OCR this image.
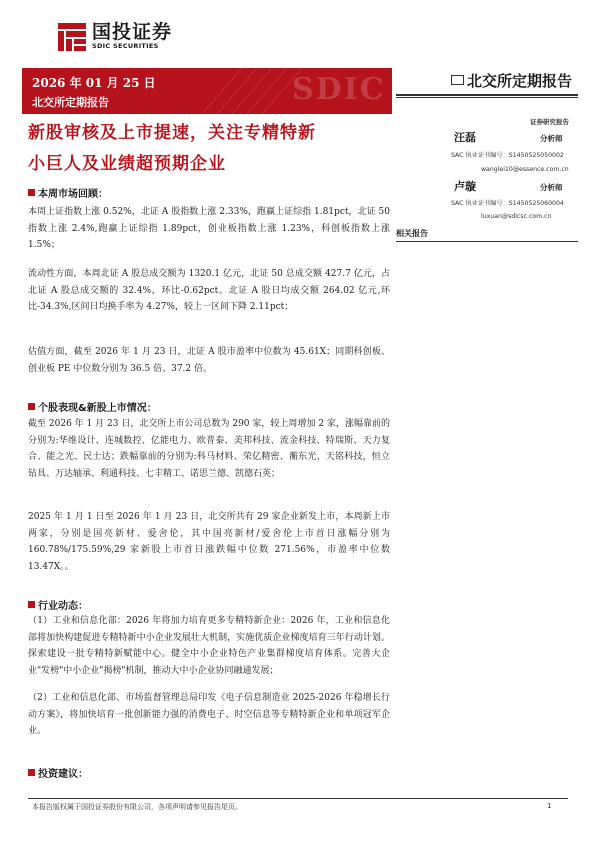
国投证券
SDIC SECURITIES
SDIC
2026 年 01 月 25 日
北交所定期报告
北交所定期报告
新股审核及上市提速，关注专精特新
小巨人及业绩超预期企业
本周市场回顾：
本周上证指数上涨 0.52%，北证 A 股指数上涨 2.33%，跑赢上证综指 1.81pct，北证 50 指数上涨 2.4%,跑赢上证综指 1.89pct，创业板指数上涨 1.23%，科创板指数上涨 1.5%；
流动性方面，本周北证 A 股总成交额为 1320.1 亿元，北证 50 总成交额 427.7 亿元，占北证 A 股总成交额的 32.4%，环比-0.62pct。北证 A 股日均成交额 264.02 亿元,环比-34.3%,区间日均换手率为 4.27%，较上一区间下降 2.11pct；
估值方面，截至 2026 年 1 月 23 日，北证 A 股市盈率中位数为 45.61X；同期科创板、创业板 PE 中位数分别为 36.5 倍、37.2 倍。
个股表现&新股上市情况：
截至 2026 年 1 月 23 日，北交所上市公司总数为 290 家，较上周增加 2 家，涨幅靠前的分别为:华维设计、连城数控、亿能电力、欧普泰、美邦科技、流金科技、特瑞斯、天力复合、能之光、民士达；跌幅靠前的分别为:科马材料、荣亿精密、蘅东光、天铭科技，恒立钻具、万达轴承、利通科技、七丰精工、诺思兰德、凯德石英；
2025 年 1 月 1 日至 2026 年 1 月 23 日，北交所共有 29 家企业新发上市，本周新上市两家，分别是国亮新材、爱舍伦，其中国亮新材/爱舍伦上市首日涨幅分别为 160.78%/175.59%,29 家新股上市首日涨跌幅中位数 271.56%，市盈率中位数 13.47X。。
行业动态：
（1）工业和信息化部：2026 年将加力培育更多专精特新企业：2026 年，工业和信息化部将加快构建促进专精特新中小企业发展壮大机制，实施优质企业梯度培育三年行动计划。探索建设一批专精特新赋能中心。健全中小企业特色产业集群梯度培育体系。完善大企业"发榜"中小企业"揭榜"机制，推动大中小企业协同融通发展；
（2）工业和信息化部、市场监督管理总局印发《电子信息制造业 2025-2026 年稳增长行动方案》，将加快培育一批创新能力强的消费电子、时空信息等专精特新企业和单项冠军企业。
投资建议：
证券研究报告
汪磊	分析师
SAC 执业证书编号：S1450525050002
wanglei10@essence.com.cn
卢璇	分析师
SAC 执业证书编号：S1450525060004
luxuan@sdicsc.com.cn
相关报告
本报告版权属于国投证券股份有限公司，各项声明请参见报告尾页。	1
